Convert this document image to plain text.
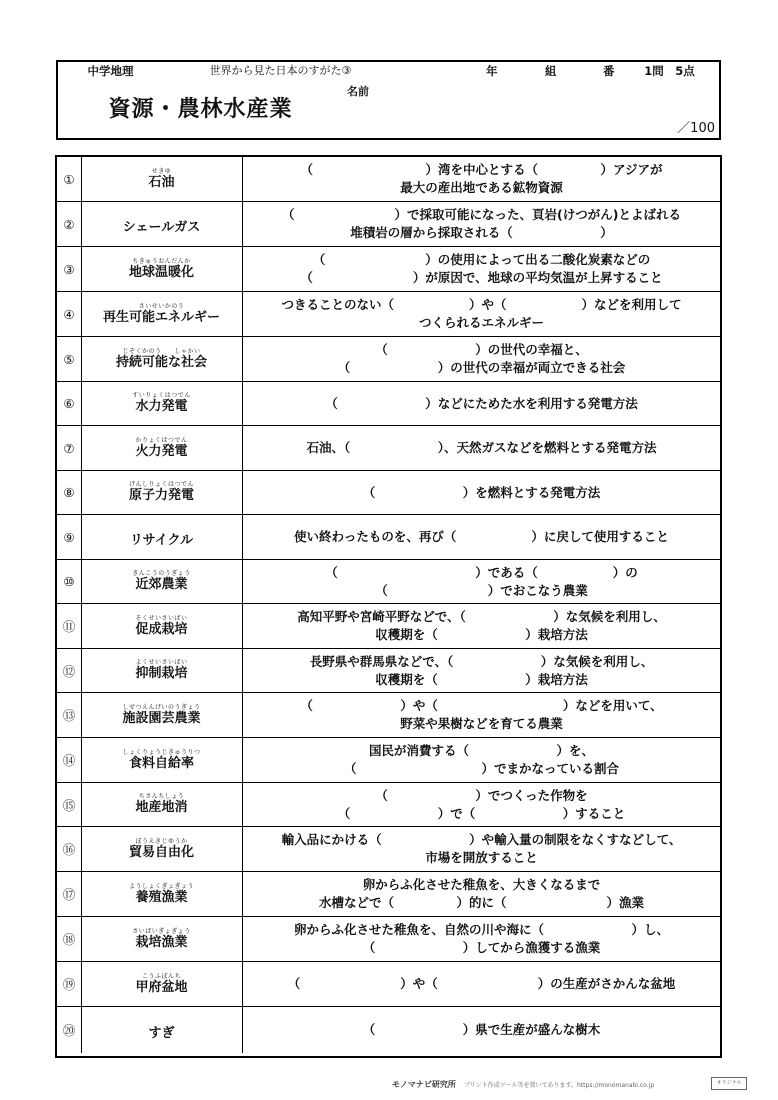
中学地理	世界から見た日本のすがた③	年	組	番	1問　5点
資源・農林水産業
名前
／100
①
せきゆ
石油
（　　　　　　　　　）湾を中心とする（　　　　　）アジアが
最大の産出地である鉱物資源
②	シェールガス
（　　　　　　　　）で採取可能になった、頁岩(けつがん)とよばれる
堆積岩の層から採取される（　　　　　　　）
③
ちきゅうおんだんか
地球温暖化
（　　　　　　　　）の使用によって出る二酸化炭素などの
（　　　　　　　　）が原因で、地球の平均気温が上昇すること
④
さいせいかのう
再生可能エネルギー
つきることのない（　　　　　　）や（　　　　　　）などを利用して
つくられるエネルギー
⑤
じぞくかのう　　しゃかい
持続可能な社会
（　　　　　　　）の世代の幸福と、
（　　　　　　　）の世代の幸福が両立できる社会
⑥
すいりょくはつでん
水力発電	（　　　　　　　）などにためた水を利用する発電方法
⑦
かりょくはつでん
火力発電	石油、（　　　　　　　）、天然ガスなどを燃料とする発電方法
⑧
げんしりょくはつでん
原子力発電	（　　　　　　　）を燃料とする発電方法
⑨	リサイクル	使い終わったものを、再び（　　　　　　）に戻して使用すること
⑩
きんこうのうぎょう
近郊農業
（　　　　　　　　　　　）である（　　　　　　）の
（　　　　　　　　）でおこなう農業
⑪
そくせいさいばい
促成栽培
高知平野や宮崎平野などで、（　　　　　　　）な気候を利用し、
収穫期を（　　　　　　　）栽培方法
⑫
よくせいさいばい
抑制栽培
長野県や群馬県などで、（　　　　　　　）な気候を利用し、
収穫期を（　　　　　　　）栽培方法
⑬
しせつえんげいのうぎょう
施設園芸農業
（　　　　　　　）や（　　　　　　　　　　）などを用いて、
野菜や果樹などを育てる農業
⑭
しょくりょうじきゅうりつ
食料自給率
国民が消費する（　　　　　　　）を、
（　　　　　　　　　　）でまかなっている割合
⑮
ちさんちしょう
地産地消
（　　　　　　　）でつくった作物を
（　　　　　　　）で（　　　　　　　）すること
⑯
ぼうえきじゆうか
貿易自由化
輸入品にかける（　　　　　　　）や輸入量の制限をなくすなどして、
市場を開放すること
⑰
ようしょくぎょぎょう
養殖漁業
卵からふ化させた稚魚を、大きくなるまで
水槽などで（　　　　　）的に（　　　　　　　　）漁業
⑱
さいばいぎょぎょう
栽培漁業
卵からふ化させた稚魚を、自然の川や海に（　　　　　　　）し、
（　　　　　　　）してから漁獲する漁業
⑲
こうふぼんち
甲府盆地	（　　　　　　　　）や（　　　　　　　　）の生産がさかんな盆地
⑳	すぎ	（　　　　　　　）県で生産が盛んな樹木
モノマナビ研究所 プリント作成ツール等を置いてあります。https://monomanabi.co.jp	オリジナル
